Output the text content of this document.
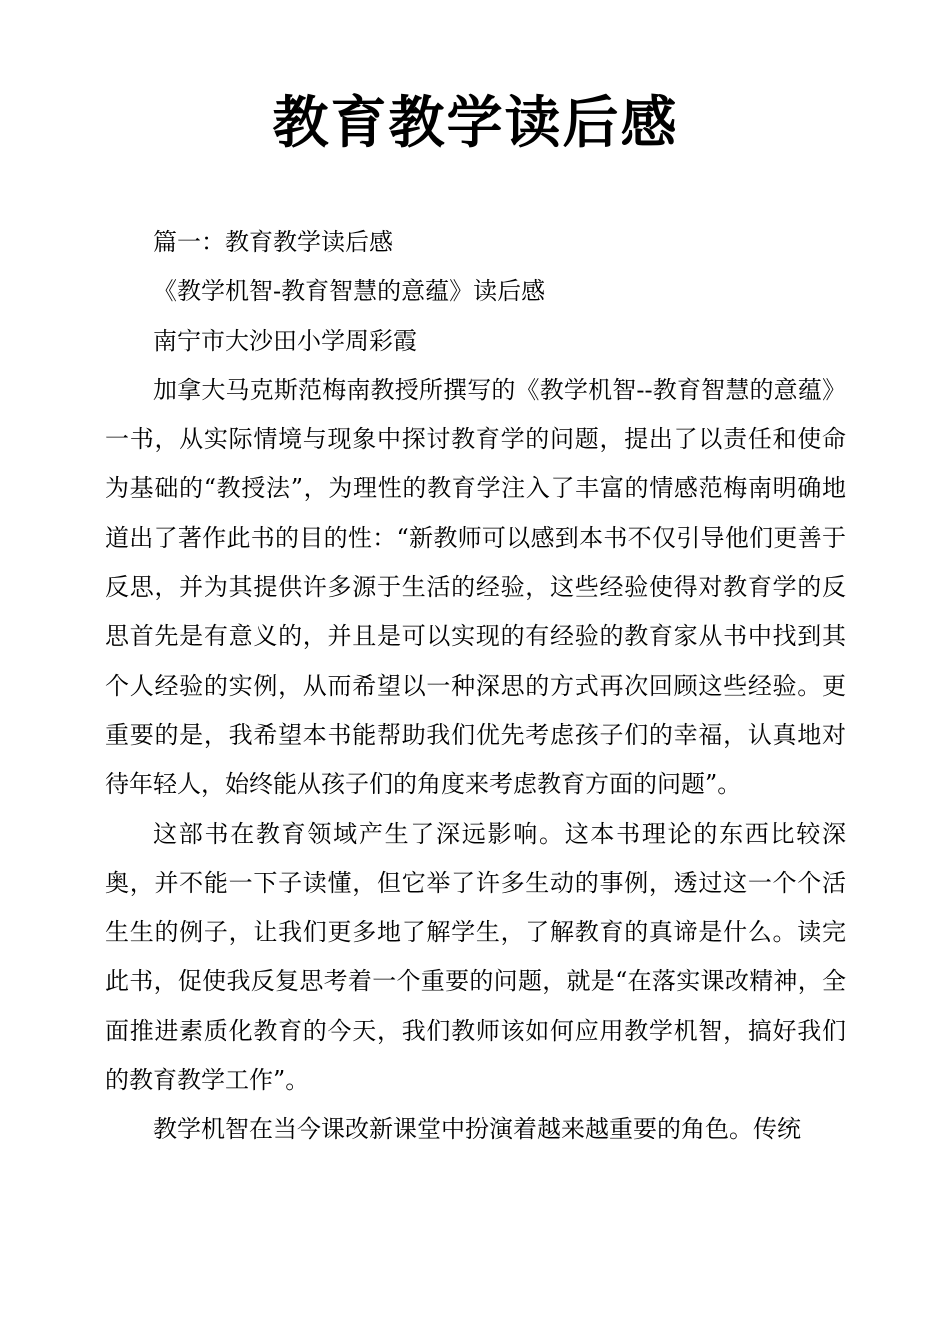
教育教学读后感

篇一：教育教学读后感

《教学机智-教育智慧的意蕴》读后感

南宁市大沙田小学周彩霞

加拿大马克斯范梅南教授所撰写的《教学机智--教育智慧的意蕴》一书，从实际情境与现象中探讨教育学的问题，提出了以责任和使命为基础的“教授法”，为理性的教育学注入了丰富的情感范梅南明确地道出了著作此书的目的性：“新教师可以感到本书不仅引导他们更善于反思，并为其提供许多源于生活的经验，这些经验使得对教育学的反思首先是有意义的，并且是可以实现的有经验的教育家从书中找到其个人经验的实例，从而希望以一种深思的方式再次回顾这些经验。更重要的是，我希望本书能帮助我们优先考虑孩子们的幸福，认真地对待年轻人，始终能从孩子们的角度来考虑教育方面的问题”。

这部书在教育领域产生了深远影响。这本书理论的东西比较深奥，并不能一下子读懂，但它举了许多生动的事例，透过这一个个活生生的例子，让我们更多地了解学生，了解教育的真谛是什么。读完此书，促使我反复思考着一个重要的问题，就是“在落实课改精神，全面推进素质化教育的今天，我们教师该如何应用教学机智，搞好我们的教育教学工作”。

教学机智在当今课改新课堂中扮演着越来越重要的角色。传统
